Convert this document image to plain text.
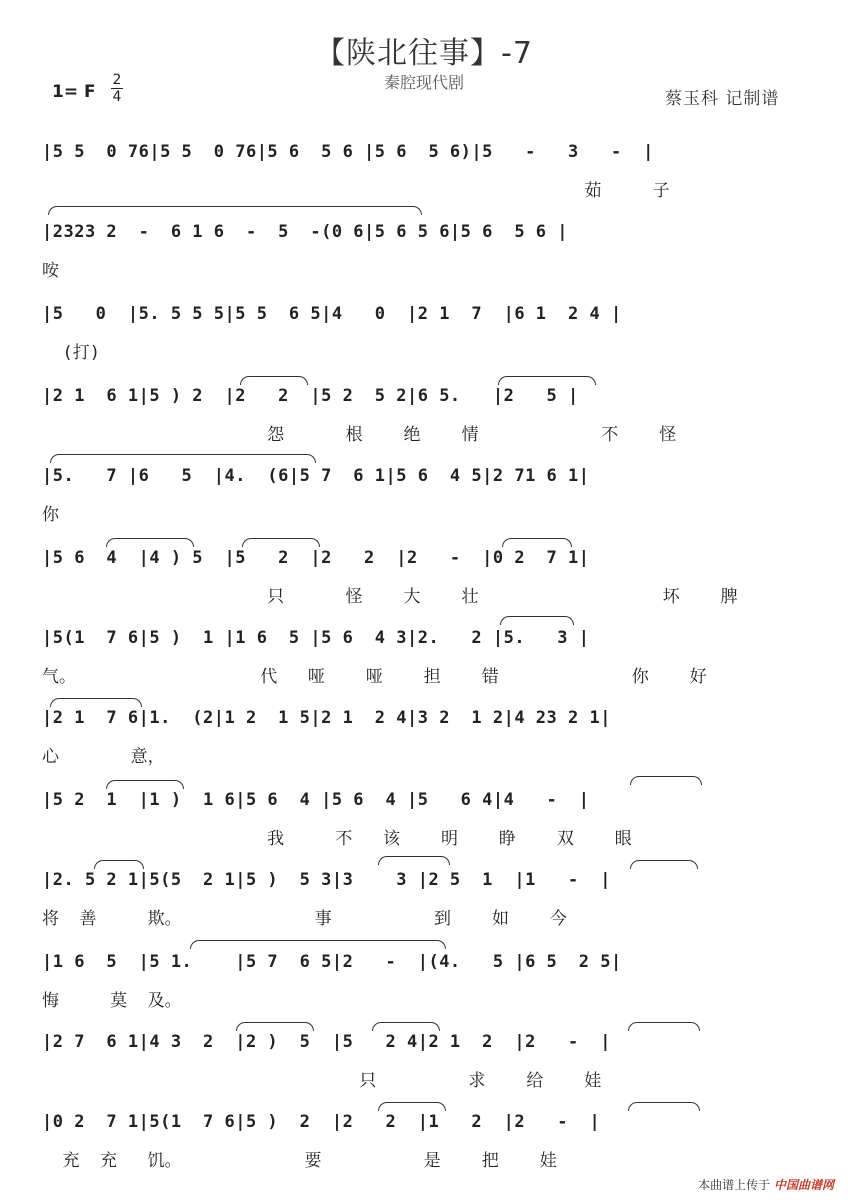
【陕北往事】-7
秦腔现代剧
1= F
2
4	蔡玉科 记制谱
|5 5  0 76|5 5  0 76|5 6  5 6 |5 6  5 6)|5   -   3   -  |
茹     子
|2323 2  -  6 1 6  -  5  -(0 6|5 6 5 6|5 6  5 6 |
咹
|5   0  |5. 5 5 5|5 5  6 5|4   0  |2 1  7  |6 1  2 4 |
(打)
|2 1  6 1|5 ) 2  |2   2  |5 2  5 2|6 5.   |2   5 |
怨      根    绝    情            不    怪
|5.   7 |6   5  |4.  (6|5 7  6 1|5 6  4 5|2 71 6 1|
你
|5 6  4  |4 ) 5  |5   2  |2   2  |2   -  |0 2  7 1|
只      怪    大    壮                  坏    脾
|5(1  7 6|5 )  1 |1 6  5 |5 6  4 3|2.   2 |5.   3 |
气。                  代   哑    哑    担    错             你    好
|2 1  7 6|1.  (2|1 2  1 5|2 1  2 4|3 2  1 2|4 23 2 1|
心       意，
|5 2  1  |1 )  1 6|5 6  4 |5 6  4 |5   6 4|4   -  |
我     不   该    明    睁    双    眼
|2. 5 2 1|5(5  2 1|5 )  5 3|3    3 |2 5  1  |1   -  |
将  善     欺。             事          到    如    今
|1 6  5  |5 1.    |5 7  6 5|2   -  |(4.   5 |6 5  2 5|
悔     莫  及。
|2 7  6 1|4 3  2  |2 )  5  |5   2 4|2 1  2  |2   -  |
只         求    给    娃
|0 2  7 1|5(1  7 6|5 )  2  |2   2  |1   2  |2   -  |
充  充   饥。            要          是    把    娃
本曲谱上传于 中国曲谱网
